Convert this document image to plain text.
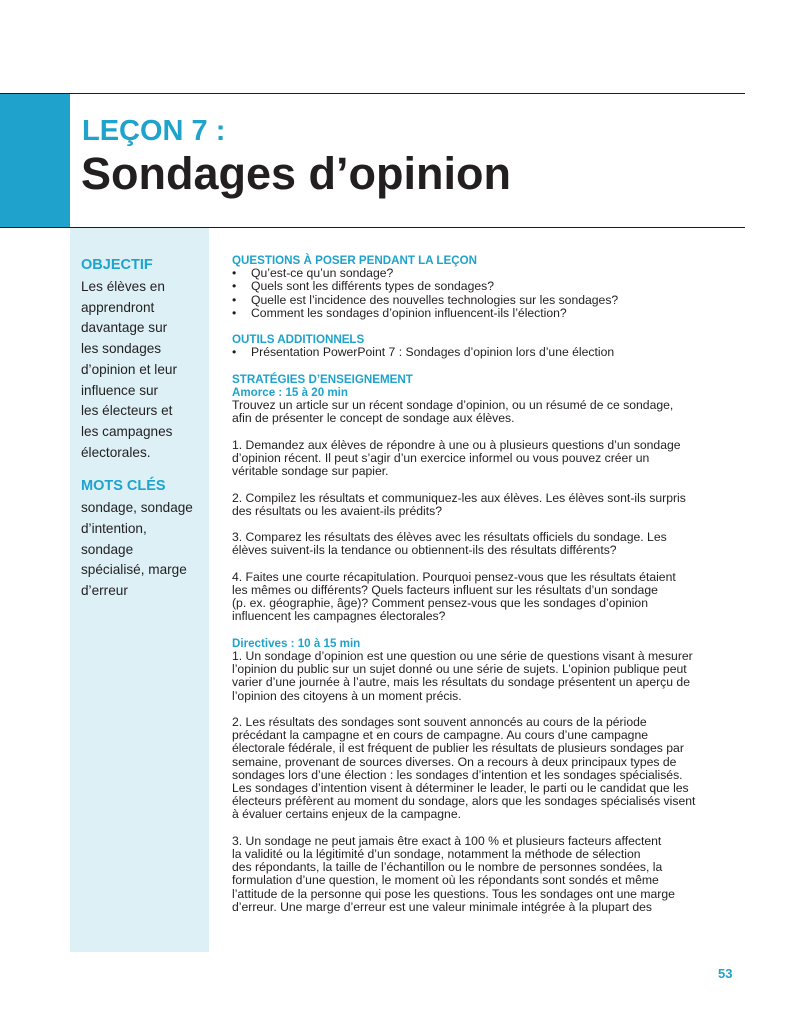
LEÇON 7 :
Sondages d’opinion

OBJECTIF

Les élèves en
apprendront
davantage sur
les sondages
d’opinion et leur
influence sur
les électeurs et
les campagnes
électorales.

MOTS CLÉS

sondage, sondage
d’intention,
sondage
spécialisé, marge
d’erreur

QUESTIONS À POSER PENDANT LA LEÇON

• Qu’est-ce qu’un sondage?
• Quels sont les différents types de sondages?
• Quelle est l’incidence des nouvelles technologies sur les sondages?
• Comment les sondages d’opinion influencent-ils l’élection?

OUTILS ADDITIONNELS

• Présentation PowerPoint 7 : Sondages d’opinion lors d’une élection

STRATÉGIES D’ENSEIGNEMENT

Amorce : 15 à 20 min

Trouvez un article sur un récent sondage d’opinion, ou un résumé de ce sondage,
afin de présenter le concept de sondage aux élèves.
1. Demandez aux élèves de répondre à une ou à plusieurs questions d’un sondage
d’opinion récent. Il peut s’agir d’un exercice informel ou vous pouvez créer un
véritable sondage sur papier.
2. Compilez les résultats et communiquez-les aux élèves. Les élèves sont-ils surpris
des résultats ou les avaient-ils prédits?
3. Comparez les résultats des élèves avec les résultats officiels du sondage. Les
élèves suivent-ils la tendance ou obtiennent-ils des résultats différents?
4. Faites une courte récapitulation. Pourquoi pensez-vous que les résultats étaient
les mêmes ou différents? Quels facteurs influent sur les résultats d’un sondage
(p. ex. géographie, âge)? Comment pensez-vous que les sondages d’opinion
influencent les campagnes électorales?

Directives : 10 à 15 min

1. Un sondage d’opinion est une question ou une série de questions visant à mesurer
l’opinion du public sur un sujet donné ou une série de sujets. L’opinion publique peut
varier d’une journée à l’autre, mais les résultats du sondage présentent un aperçu de
l’opinion des citoyens à un moment précis.
2. Les résultats des sondages sont souvent annoncés au cours de la période
précédant la campagne et en cours de campagne. Au cours d’une campagne
électorale fédérale, il est fréquent de publier les résultats de plusieurs sondages par
semaine, provenant de sources diverses. On a recours à deux principaux types de
sondages lors d’une élection : les sondages d’intention et les sondages spécialisés.
Les sondages d’intention visent à déterminer le leader, le parti ou le candidat que les
électeurs préfèrent au moment du sondage, alors que les sondages spécialisés visent
à évaluer certains enjeux de la campagne.
3. Un sondage ne peut jamais être exact à 100 % et plusieurs facteurs affectent
la validité ou la légitimité d’un sondage, notamment la méthode de sélection
des répondants, la taille de l’échantillon ou le nombre de personnes sondées, la
formulation d’une question, le moment où les répondants sont sondés et même
l’attitude de la personne qui pose les questions. Tous les sondages ont une marge
d’erreur. Une marge d’erreur est une valeur minimale intégrée à la plupart des

53
